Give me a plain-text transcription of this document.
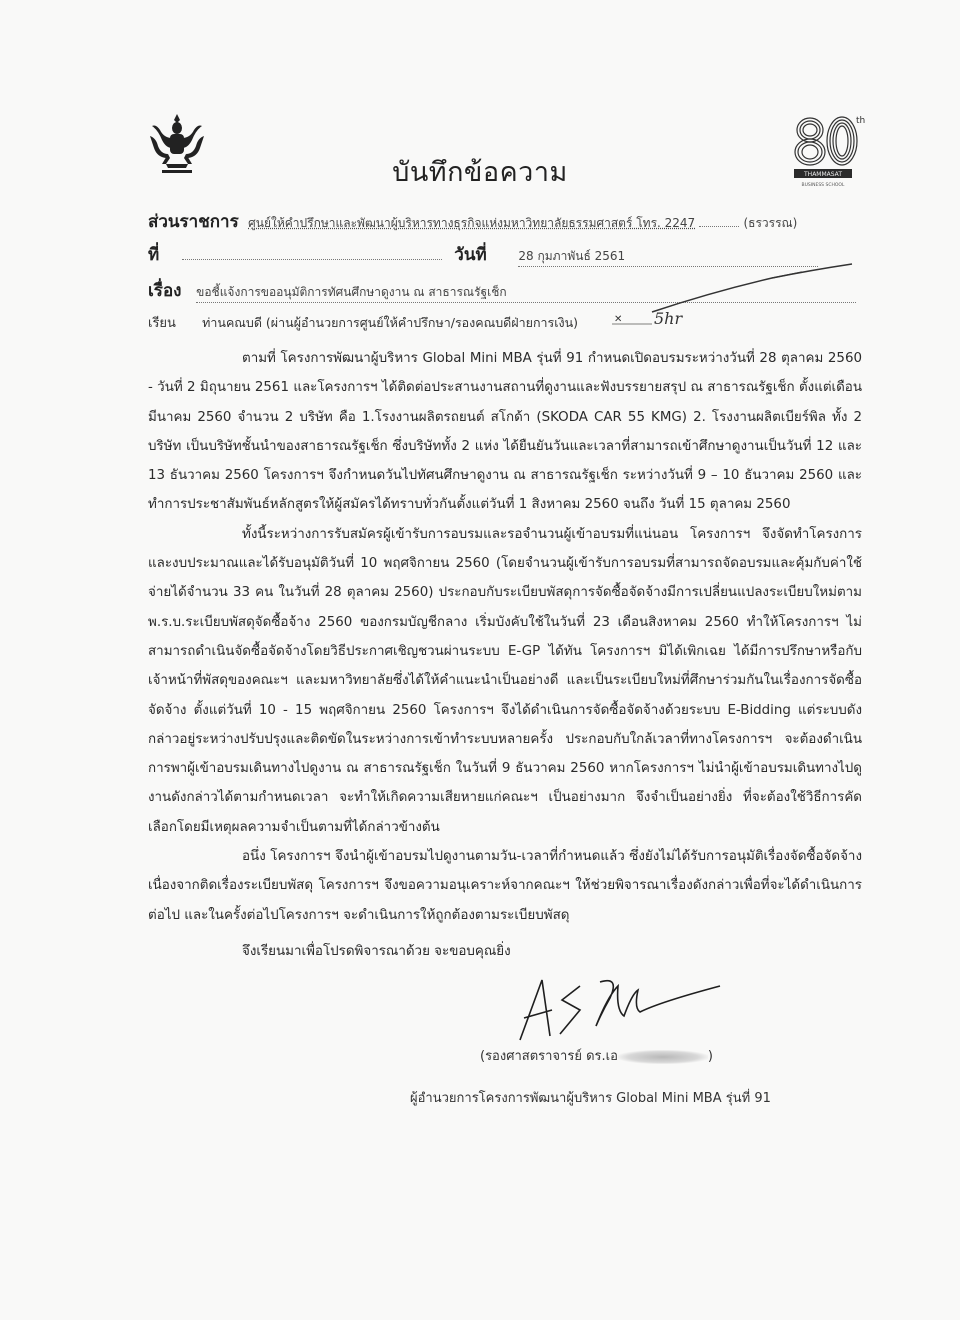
th
THAMMASAT
BUSINESS SCHOOL
บันทึกข้อความ
ส่วนราชการ ศูนย์ให้คำปรึกษาและพัฒนาผู้บริหารทางธุรกิจแห่งมหาวิทยาลัยธรรมศาสตร์ โทร. 2247	(ธรวรรณ)
ที่	วันที่	28 กุมภาพันธ์ 2561
เรื่อง ขอชี้แจ้งการขออนุมัติการทัศนศึกษาดูงาน ณ สาธารณรัฐเช็ก
เรียน ท่านคณบดี (ผ่านผู้อำนวยการศูนย์ให้คำปรึกษา/รองคณบดีฝ่ายการเงิน)	5hr
✕

ตามที่ โครงการพัฒนาผู้บริหาร Global Mini MBA รุ่นที่ 91 กำหนดเปิดอบรมระหว่างวันที่ 28 ตุลาคม 2560 - วันที่ 2 มิถุนายน 2561 และโครงการฯ ได้ติดต่อประสานงานสถานที่ดูงานและฟังบรรยายสรุป ณ สาธารณรัฐเช็ก ตั้งแต่เดือนมีนาคม 2560 จำนวน 2 บริษัท คือ 1.โรงงานผลิตรถยนต์ สโกด้า (SKODA CAR 55 KMG) 2. โรงงานผลิตเบียร์พิล ทั้ง 2 บริษัท เป็นบริษัทชั้นนำของสาธารณรัฐเช็ก ซึ่งบริษัททั้ง 2 แห่ง ได้ยืนยันวันและเวลาที่สามารถเข้าศึกษาดูงานเป็นวันที่ 12 และ 13 ธันวาคม 2560 โครงการฯ จึงกำหนดวันไปทัศนศึกษาดูงาน ณ สาธารณรัฐเช็ก ระหว่างวันที่ 9 – 10 ธันวาคม 2560 และทำการประชาสัมพันธ์หลักสูตรให้ผู้สมัครได้ทราบทั่วกันตั้งแต่วันที่ 1 สิงหาคม 2560 จนถึง วันที่ 15 ตุลาคม 2560

ทั้งนี้ระหว่างการรับสมัครผู้เข้ารับการอบรมและรอจำนวนผู้เข้าอบรมที่แน่นอน โครงการฯ จึงจัดทำโครงการและงบประมาณและได้รับอนุมัติวันที่ 10 พฤศจิกายน 2560 (โดยจำนวนผู้เข้ารับการอบรมที่สามารถจัดอบรมและคุ้มกับค่าใช้จ่ายได้จำนวน 33 คน ในวันที่ 28 ตุลาคม 2560) ประกอบกับระเบียบพัสดุการจัดซื้อจัดจ้างมีการเปลี่ยนแปลงระเบียบใหม่ตาม พ.ร.บ.ระเบียบพัสดุจัดซื้อจ้าง 2560 ของกรมบัญชีกลาง เริ่มบังคับใช้ในวันที่ 23 เดือนสิงหาคม 2560 ทำให้โครงการฯ ไม่สามารถดำเนินจัดซื้อจัดจ้างโดยวิธีประกาศเชิญชวนผ่านระบบ E-GP ได้ทัน โครงการฯ มิได้เพิกเฉย ได้มีการปรึกษาหรือกับเจ้าหน้าที่พัสดุของคณะฯ และมหาวิทยาลัยซึ่งได้ให้คำแนะนำเป็นอย่างดี และเป็นระเบียบใหม่ที่ศึกษาร่วมกันในเรื่องการจัดซื้อจัดจ้าง ตั้งแต่วันที่ 10 - 15 พฤศจิกายน 2560 โครงการฯ จึงได้ดำเนินการจัดซื้อจัดจ้างด้วยระบบ E-Bidding แต่ระบบดังกล่าวอยู่ระหว่างปรับปรุงและติดขัดในระหว่างการเข้าทำระบบหลายครั้ง ประกอบกับใกล้เวลาที่ทางโครงการฯ จะต้องดำเนินการพาผู้เข้าอบรมเดินทางไปดูงาน ณ สาธารณรัฐเช็ก ในวันที่ 9 ธันวาคม 2560 หากโครงการฯ ไม่นำผู้เข้าอบรมเดินทางไปดูงานดังกล่าวได้ตามกำหนดเวลา จะทำให้เกิดความเสียหายแก่คณะฯ เป็นอย่างมาก จึงจำเป็นอย่างยิ่ง ที่จะต้องใช้วิธีการคัดเลือกโดยมีเหตุผลความจำเป็นตามที่ได้กล่าวข้างต้น

อนึ่ง โครงการฯ จึงนำผู้เข้าอบรมไปดูงานตามวัน-เวลาที่กำหนดแล้ว ซึ่งยังไม่ได้รับการอนุมัติเรื่องจัดซื้อจัดจ้าง เนื่องจากติดเรื่องระเบียบพัสดุ โครงการฯ จึงขอความอนุเคราะห์จากคณะฯ ให้ช่วยพิจารณาเรื่องดังกล่าวเพื่อที่จะได้ดำเนินการต่อไป และในครั้งต่อไปโครงการฯ จะดำเนินการให้ถูกต้องตามระเบียบพัสดุ

จึงเรียนมาเพื่อโปรดพิจารณาด้วย จะขอบคุณยิ่ง
(รองศาสตราจารย์ ดร.เอ	)
ผู้อำนวยการโครงการพัฒนาผู้บริหาร Global Mini MBA รุ่นที่ 91
